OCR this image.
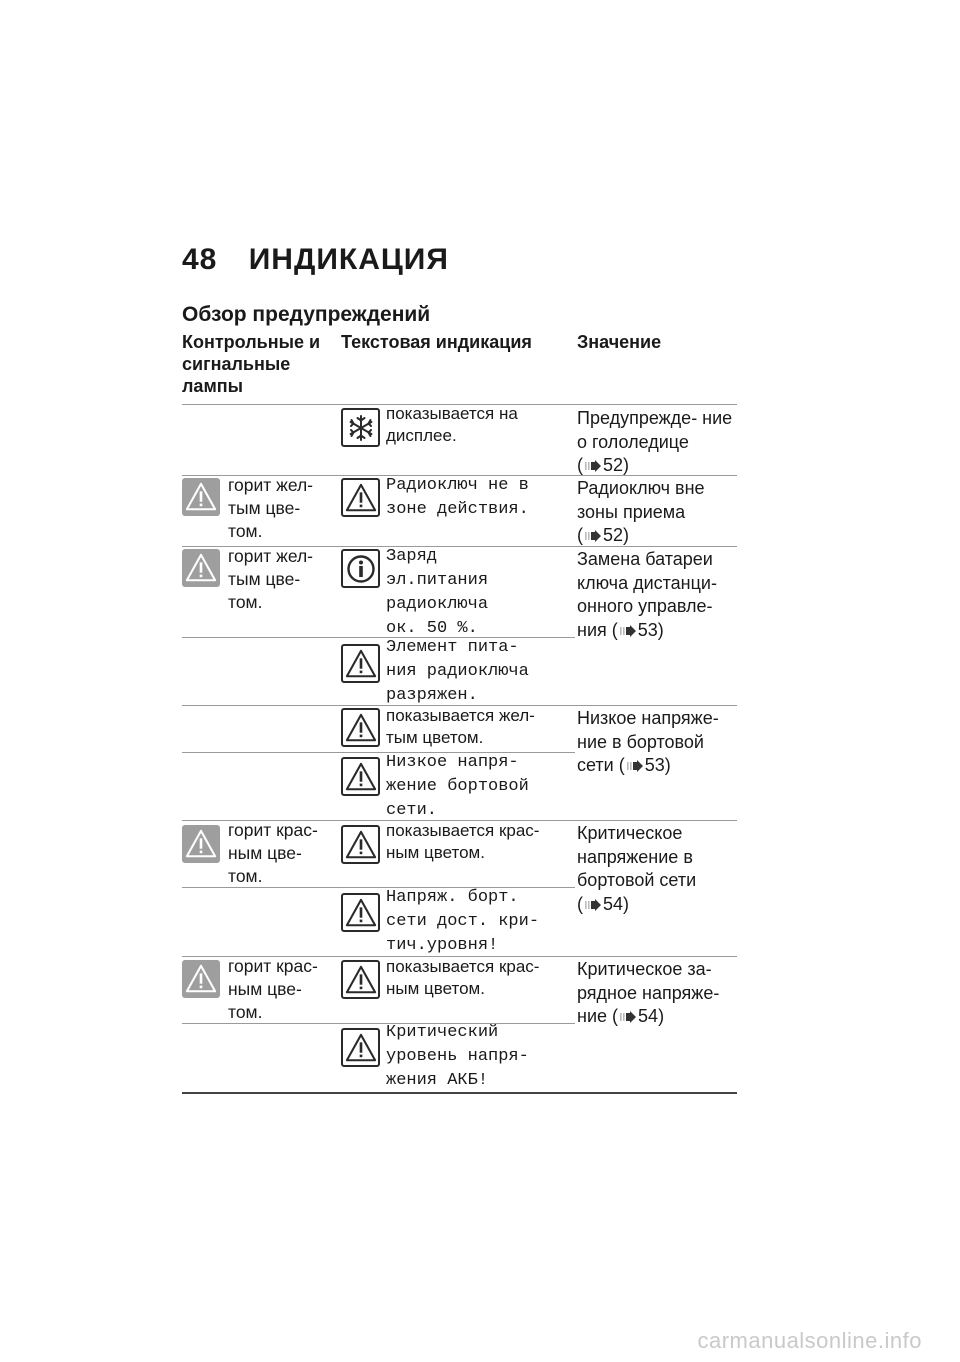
48 ИНДИКАЦИЯ
Обзор предупреждений
Контрольные и сигнальные лампы
Текстовая индикация	Значение
показывается на дисплее.
Предупрежде- ние о гололедице ( 52)
горит жел- тым цве- том.
Радиоключ не в
зоне действия.
Радиоключ вне зоны приема ( 52)
горит жел- тым цве- том.
Заряд
эл.питания
радиоключа
ок. 50 %.
Замена батареи ключа дистанци- онного управле- ния ( 53)
Элемент пита-
ния радиоключа
разряжен.
показывается жел- тым цветом.
Низкое напряже- ние в бортовой сети ( 53)
Низкое напря-
жение бортовой
сети.
горит крас- ным цве- том.
показывается крас- ным цветом.
Критическое напряжение в бортовой сети ( 54)
Напряж. борт.
сети дост. кри-
тич.уровня!
горит крас- ным цве- том.
показывается крас- ным цветом.
Критическое за- рядное напряже- ние ( 54)
Критический
уровень напря-
жения АКБ!
carmanualsonline.info
